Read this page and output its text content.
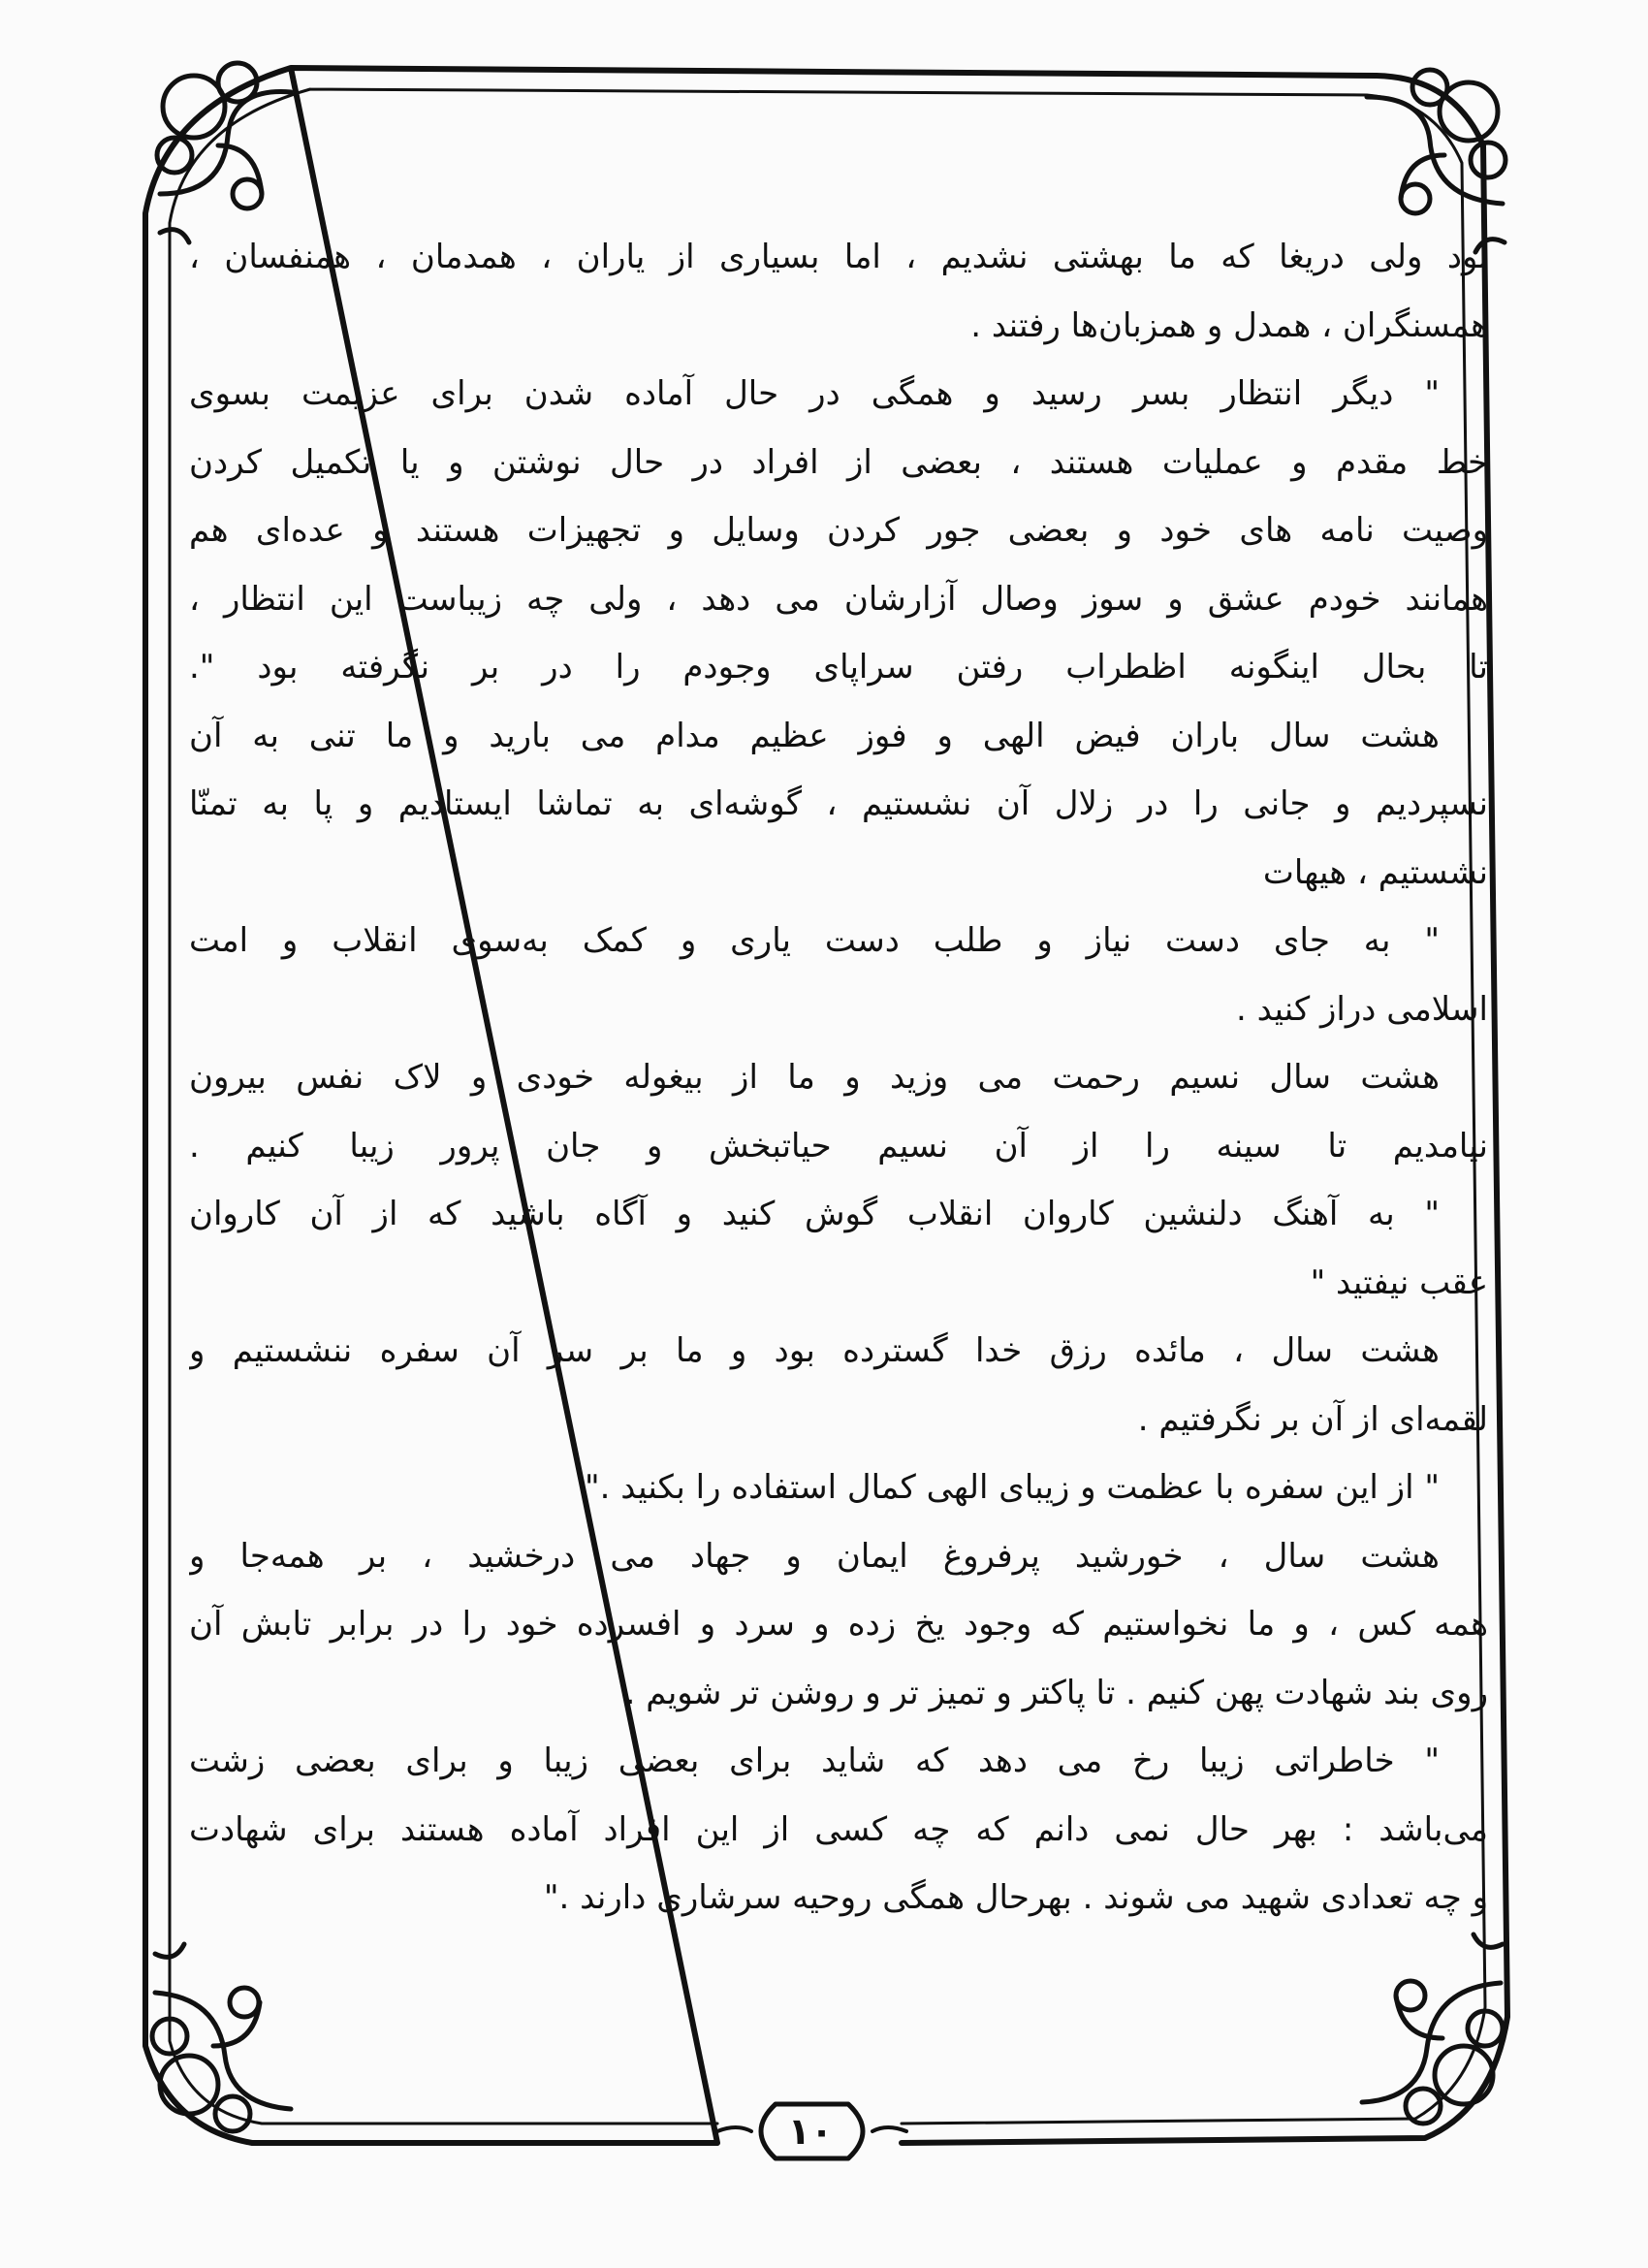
بود ولی دریغا که ما بهشتی نشدیم ، اما بسیاری از یاران ، همدمان ، همنفسان ،
همسنگران ، همدل و همزبان‌ها رفتند .
" دیگر انتظار بسر رسید و همگی در حال آماده شدن برای عزیمت بسوی
خط مقدم و عملیات هستند ، بعضی از افراد در حال نوشتن و یا تکمیل کردن
وصیت نامه های خود و بعضی جور کردن وسایل و تجهیزات هستند و عده‌ای هم
همانند خودم عشق و سوز وصال آزارشان می دهد ، ولی چه زیباست این انتظار ،
تا بحال اینگونه اظطراب رفتن سراپای وجودم را در بر نگرفته بود ".
هشت سال باران فیض الهی و فوز عظیم مدام می بارید و ما تنی به آن
نسپردیم و جانی را در زلال آن نشستیم ، گوشه‌ای به تماشا ایستادیم و پا به تمنّا
نشستیم ، هیهات
" به جای دست نیاز و طلب دست یاری و کمک به‌سوی انقلاب و امت
اسلامی دراز کنید .
هشت سال نسیم رحمت می وزید و ما از بیغوله خودی و لاک نفس بیرون
نیامدیم تا سینه را از آن نسیم حیاتبخش و جان پرور زیبا کنیم .
" به آهنگ دلنشین کاروان انقلاب گوش کنید و آگاه باشید که از آن کاروان
عقب نیفتید "
هشت سال ، مائده رزق خدا گسترده بود و ما بر سر آن سفره ننشستیم و
لقمه‌ای از آن بر نگرفتیم .
" از این سفره با عظمت و زیبای الهی کمال استفاده را بکنید ."
هشت سال ، خورشید پرفروغ ایمان و جهاد می درخشید ، بر همه‌جا و
همه کس ، و ما نخواستیم که وجود یخ زده و سرد و افسرده خود را در برابر تابش آن
روی بند شهادت پهن کنیم . تا پاکتر و تمیز تر و روشن تر شویم .
" خاطراتی زیبا رخ می دهد که شاید برای بعضی زیبا و برای بعضی زشت
می‌باشد : بهر حال نمی دانم که چه کسی از این افراد آماده هستند برای شهادت
و چه تعدادی شهید می شوند . بهرحال همگی روحیه سرشاری دارند ."
١٠
